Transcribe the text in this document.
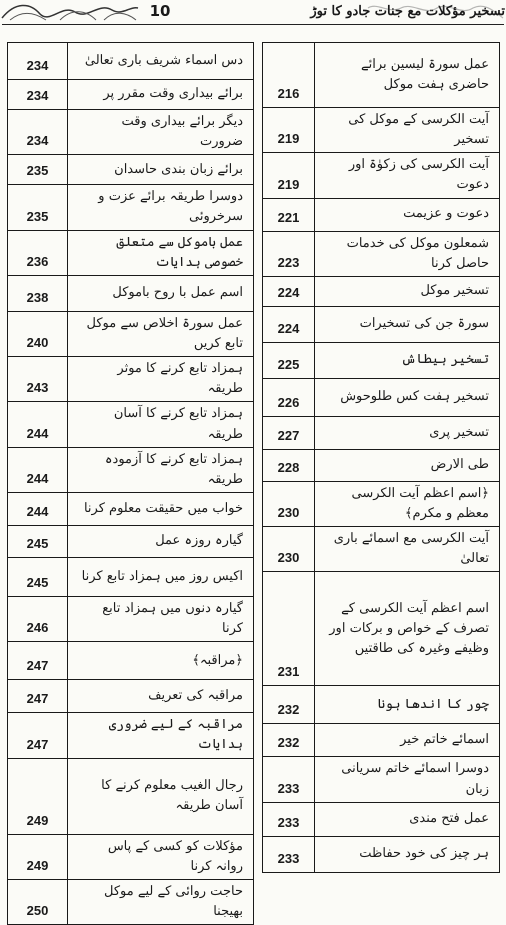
10	تسخیر مؤکلات مع جنات جادو کا توڑ
234	دس اسماء شریف باری تعالیٰ
234	برائے بیداری وقت مقرر پر
234	دیگر برائے بیداری وقت ضرورت
235	برائے زبان بندی حاسدان
235	دوسرا طریقہ برائے عزت و سرخروئی
236	عمل باموکل سے متعلق خصوصی ہدایات
238	اسم عمل با روح باموکل
240	عمل سورۃ اخلاص سے موکل تابع کریں
243	ہمزاد تابع کرنے کا موثر طریقہ
244	ہمزاد تابع کرنے کا آسان طریقہ
244	ہمزاد تابع کرنے کا آزمودہ طریقہ
244	خواب میں حقیقت معلوم کرنا
245	گیارہ روزہ عمل
245	اکیس روز میں ہمزاد تابع کرنا
246	گیارہ دنوں میں ہمزاد تابع کرنا
247	﴿مراقبہ﴾
247	مراقبہ کی تعریف
247	مراقبہ کے لیے ضروری ہدایات
249	رجال الغیب معلوم کرنے کا آسان طریقہ
249	مؤکلات کو کسی کے پاس روانہ کرنا
250	حاجت روائی کے لیے موکل بھیجنا
216	عمل سورۃ لیسین برائے حاضری ہفت موکل
219	آیت الکرسی کے موکل کی تسخیر
219	آیت الکرسی کی زکوٰۃ اور دعوت
221	دعوت و عزیمت
223	شمعلون موکل کی خدمات حاصل کرنا
224	تسخیر موکل
224	سورۃ جن کی تسخیرات
225	تسخیر ہیطاش
226	تسخیر ہفت کس طلوحوش
227	تسخیر پری
228	طی الارض
230	﴿اسم اعظم آیت الکرسی معظم و مکرم﴾
230	آیت الکرسی مع اسمائے باری تعالیٰ
231	اسم اعظم آیت الکرسی کے تصرف کے خواص و برکات اور وظیفے وغیرہ کی طاقتیں
232	چور کا اندھا ہونا
232	اسمائے خاتم خیر
233	دوسرا اسمائے خاتم سریانی زبان
233	عمل فتح مندی
233	ہر چیز کی خود حفاظت
